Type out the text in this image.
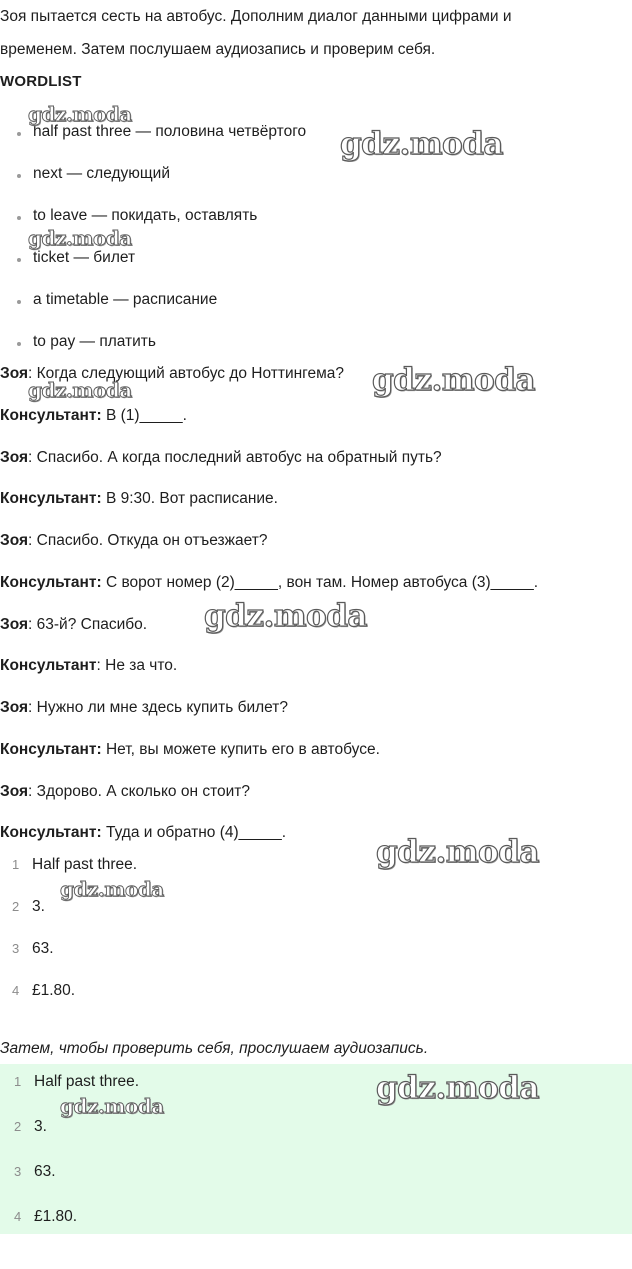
Зоя пытается сесть на автобус. Дополним диалог данными цифрами и
временем. Затем послушаем аудиозапись и проверим себя.
WORDLIST
half past three — половина четвёртого
next — следующий
to leave — покидать, оставлять
ticket — билет
a timetable — расписание
to pay — платить
Зоя: Когда следующий автобус до Ноттингема?
Консультант: В (1)_____.
Зоя: Спасибо. А когда последний автобус на обратный путь?
Консультант: В 9:30. Вот расписание.
Зоя: Спасибо. Откуда он отъезжает?
Консультант: С ворот номер (2)_____, вон там. Номер автобуса (3)_____.
Зоя: 63-й? Спасибо.
Консультант: Не за что.
Зоя: Нужно ли мне здесь купить билет?
Консультант: Нет, вы можете купить его в автобусе.
Зоя: Здорово. А сколько он стоит?
Консультант: Туда и обратно (4)_____.
1 Half past three.
2 3.
3 63.
4 £1.80.
Затем, чтобы проверить себя, прослушаем аудиозапись.
1 Half past three.
2 3.
3 63.
4 £1.80.
gdz.moda
gdz.moda
gdz.moda
gdz.moda
gdz.moda
gdz.moda
gdz.moda
gdz.moda
gdz.moda
gdz.moda
